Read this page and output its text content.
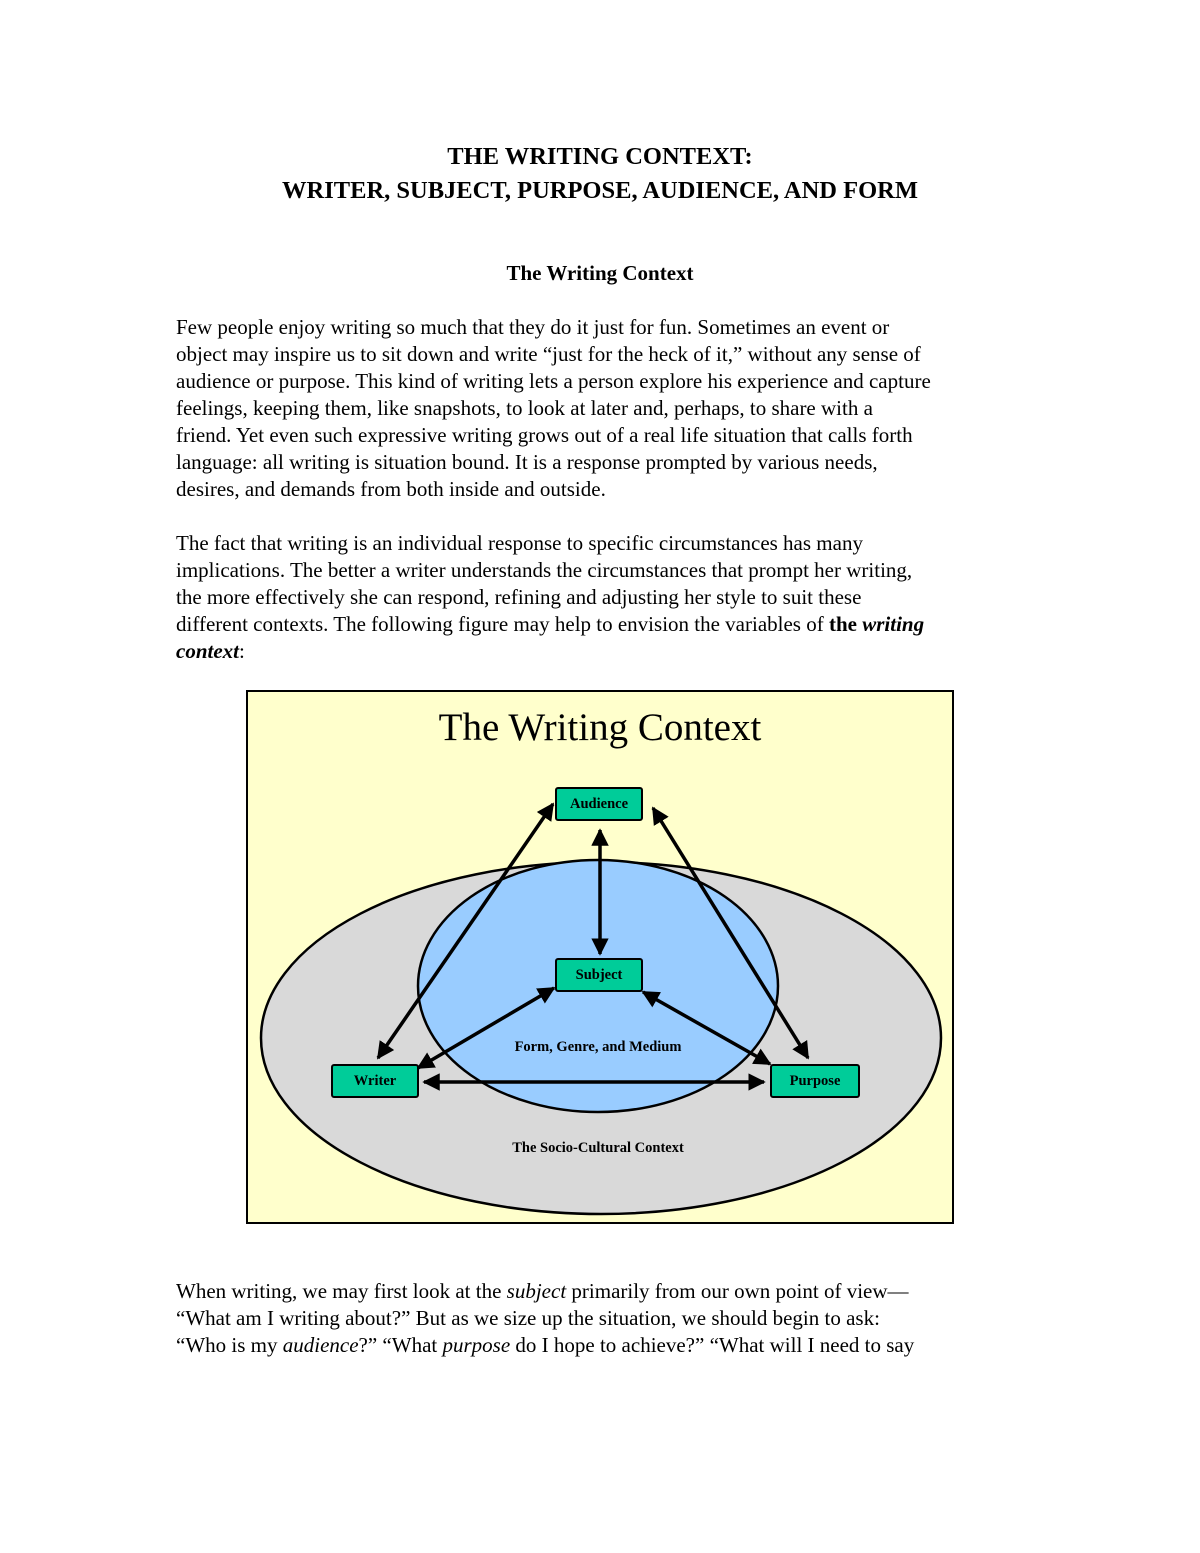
THE WRITING CONTEXT:
WRITER, SUBJECT, PURPOSE, AUDIENCE, AND FORM
The Writing Context
Few people enjoy writing so much that they do it just for fun. Sometimes an event or
object may inspire us to sit down and write “just for the heck of it,” without any sense of
audience or purpose. This kind of writing lets a person explore his experience and capture
feelings, keeping them, like snapshots, to look at later and, perhaps, to share with a
friend. Yet even such expressive writing grows out of a real life situation that calls forth
language: all writing is situation bound. It is a response prompted by various needs,
desires, and demands from both inside and outside.
The fact that writing is an individual response to specific circumstances has many
implications. The better a writer understands the circumstances that prompt her writing,
the more effectively she can respond, refining and adjusting her style to suit these
different contexts. The following figure may help to envision the variables of the writing
context:
The Writing Context
Audience
Subject
Writer	Purpose
Form, Genre, and Medium
The Socio-Cultural Context
When writing, we may first look at the subject primarily from our own point of view—
“What am I writing about?” But as we size up the situation, we should begin to ask:
“Who is my audience?” “What purpose do I hope to achieve?” “What will I need to say
